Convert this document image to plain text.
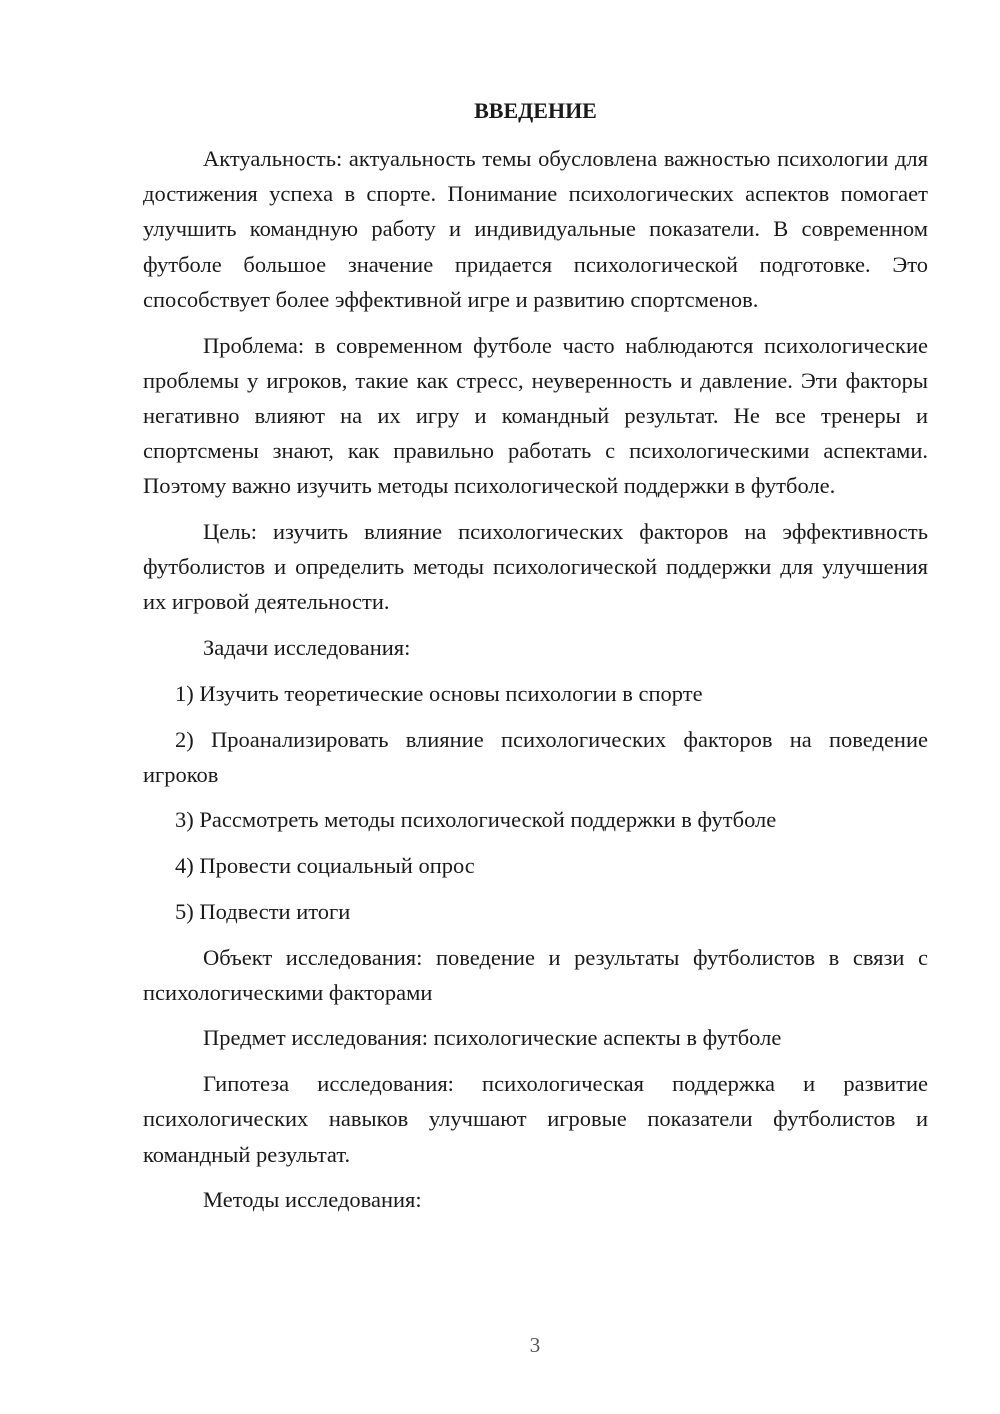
ВВЕДЕНИЕ
Актуальность: актуальность темы обусловлена важностью психологии для достижения успеха в спорте. Понимание психологических аспектов помогает улучшить командную работу и индивидуальные показатели. В современном футболе большое значение придается психологической подготовке. Это способствует более эффективной игре и развитию спортсменов.
Проблема: в современном футболе часто наблюдаются психологические проблемы у игроков, такие как стресс, неуверенность и давление. Эти факторы негативно влияют на их игру и командный результат. Не все тренеры и спортсмены знают, как правильно работать с психологическими аспектами. Поэтому важно изучить методы психологической поддержки в футболе.
Цель: изучить влияние психологических факторов на эффективность футболистов и определить методы психологической поддержки для улучшения их игровой деятельности.
Задачи исследования:
1) Изучить теоретические основы психологии в спорте
2) Проанализировать влияние психологических факторов на поведение игроков
3) Рассмотреть методы психологической поддержки в футболе
4) Провести социальный опрос
5) Подвести итоги
Объект исследования: поведение и результаты футболистов в связи с психологическими факторами
Предмет исследования: психологические аспекты в футболе
Гипотеза исследования: психологическая поддержка и развитие психологических навыков улучшают игровые показатели футболистов и командный результат.
Методы исследования:
3
